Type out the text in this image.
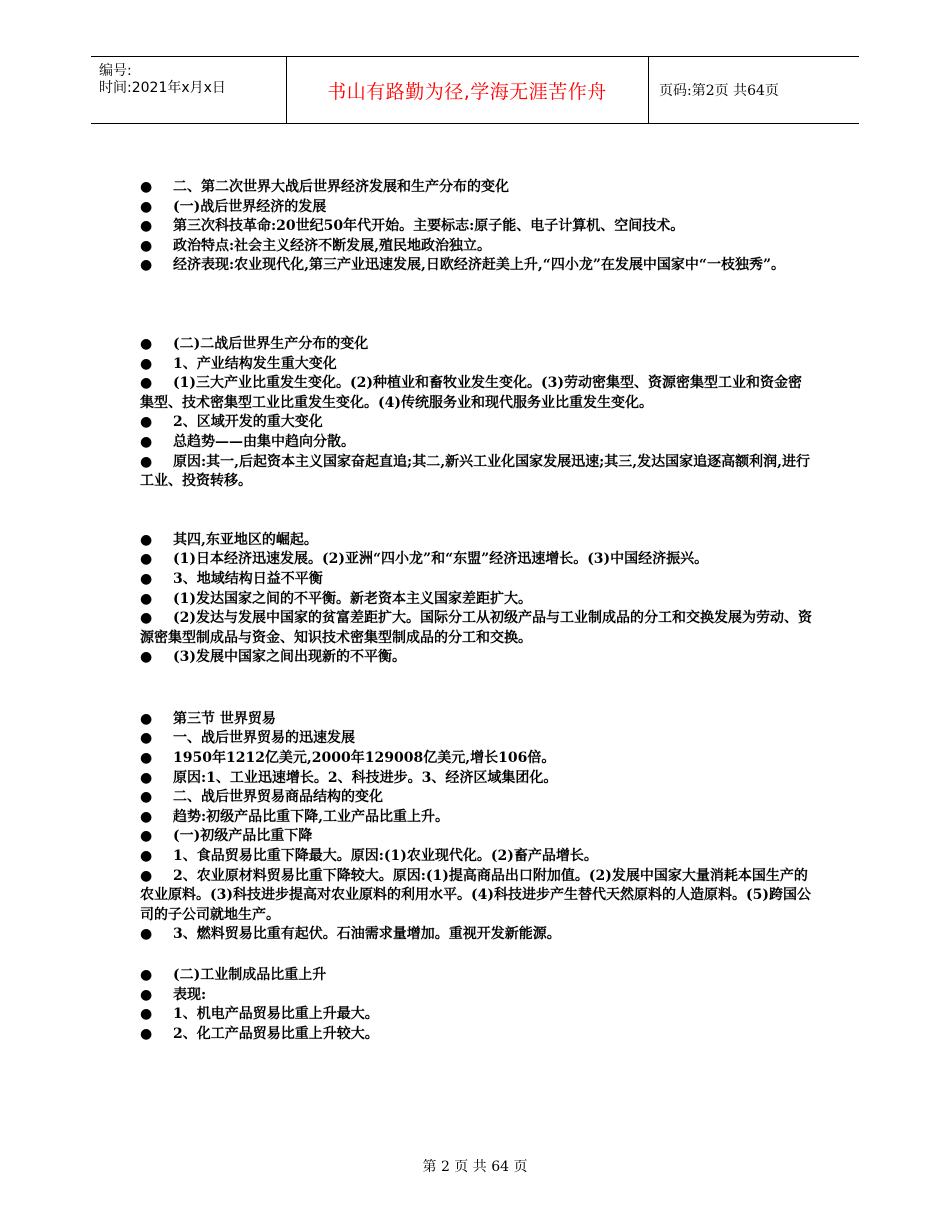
编号:
时间:2021年x月x日	书山有路勤为径,学海无涯苦作舟	页码:第2页 共64页
● 二、第二次世界大战后世界经济发展和生产分布的变化
● (一)战后世界经济的发展
● 第三次科技革命:20世纪50年代开始。主要标志:原子能、电子计算机、空间技术。
● 政治特点:社会主义经济不断发展,殖民地政治独立。
● 经济表现:农业现代化,第三产业迅速发展,日欧经济赶美上升,“四小龙”在发展中国家中“一枝独秀”。
● (二)二战后世界生产分布的变化
● 1、产业结构发生重大变化
● (1)三大产业比重发生变化。(2)种植业和畜牧业发生变化。(3)劳动密集型、资源密集型工业和资金密集型、技术密集型工业比重发生变化。(4)传统服务业和现代服务业比重发生变化。
● 2、区域开发的重大变化
● 总趋势——由集中趋向分散。
● 原因:其一,后起资本主义国家奋起直追;其二,新兴工业化国家发展迅速;其三,发达国家追逐高额利润,进行工业、投资转移。
● 其四,东亚地区的崛起。
● (1)日本经济迅速发展。(2)亚洲“四小龙”和“东盟”经济迅速增长。(3)中国经济振兴。
● 3、地域结构日益不平衡
● (1)发达国家之间的不平衡。新老资本主义国家差距扩大。
● (2)发达与发展中国家的贫富差距扩大。国际分工从初级产品与工业制成品的分工和交换发展为劳动、资源密集型制成品与资金、知识技术密集型制成品的分工和交换。
● (3)发展中国家之间出现新的不平衡。
● 第三节 世界贸易
● 一、战后世界贸易的迅速发展
● 1950年1212亿美元,2000年129008亿美元,增长106倍。
● 原因:1、工业迅速增长。2、科技进步。3、经济区域集团化。
● 二、战后世界贸易商品结构的变化
● 趋势:初级产品比重下降,工业产品比重上升。
● (一)初级产品比重下降
● 1、食品贸易比重下降最大。原因:(1)农业现代化。(2)畜产品增长。
● 2、农业原材料贸易比重下降较大。原因:(1)提高商品出口附加值。(2)发展中国家大量消耗本国生产的农业原料。(3)科技进步提高对农业原料的利用水平。(4)科技进步产生替代天然原料的人造原料。(5)跨国公司的子公司就地生产。
● 3、燃料贸易比重有起伏。石油需求量增加。重视开发新能源。
● (二)工业制成品比重上升
● 表现:
● 1、机电产品贸易比重上升最大。
● 2、化工产品贸易比重上升较大。
第 2 页 共 64 页
